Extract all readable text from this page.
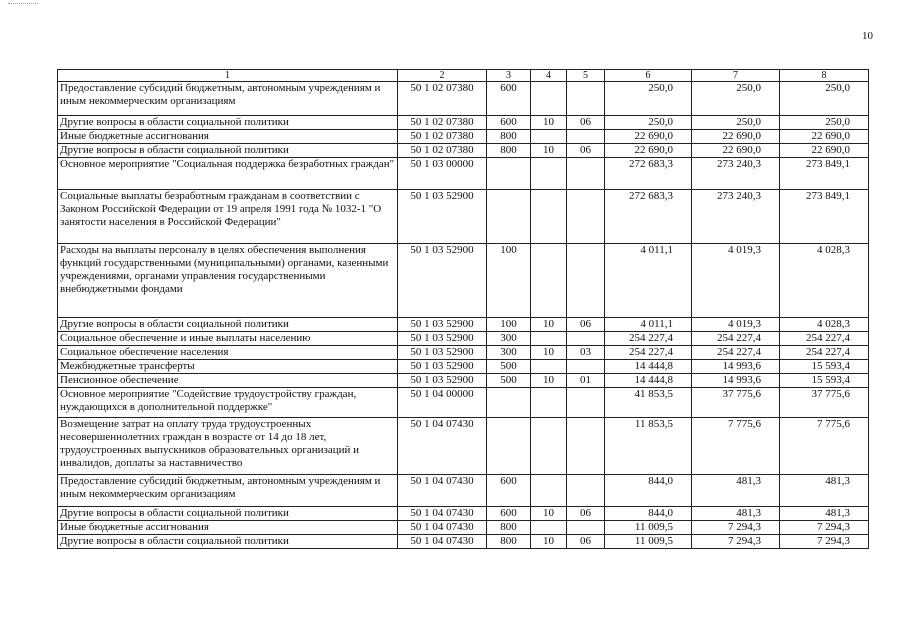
10
1	2	3	4	5	6	7	8
Предоставление субсидий бюджетным, автономным учреждениям и иным некоммерческим организациям	50 1 02 07380	600			250,0	250,0	250,0
Другие вопросы в области социальной политики	50 1 02 07380	600	10	06	250,0	250,0	250,0
Иные бюджетные ассигнования	50 1 02 07380	800			22 690,0	22 690,0	22 690,0
Другие вопросы в области социальной политики	50 1 02 07380	800	10	06	22 690,0	22 690,0	22 690,0
Основное мероприятие "Социальная поддержка безработных граждан"	50 1 03 00000				272 683,3	273 240,3	273 849,1
Социальные выплаты безработным гражданам в соответствии с Законом Российской Федерации от 19 апреля 1991 года № 1032-1 "О занятости населения в Российской Федерации"	50 1 03 52900				272 683,3	273 240,3	273 849,1
Расходы на выплаты персоналу в целях обеспечения выполнения функций государственными (муниципальными) органами, казенными учреждениями, органами управления государственными внебюджетными фондами	50 1 03 52900	100			4 011,1	4 019,3	4 028,3
Другие вопросы в области социальной политики	50 1 03 52900	100	10	06	4 011,1	4 019,3	4 028,3
Социальное обеспечение и иные выплаты населению	50 1 03 52900	300			254 227,4	254 227,4	254 227,4
Социальное обеспечение населения	50 1 03 52900	300	10	03	254 227,4	254 227,4	254 227,4
Межбюджетные трансферты	50 1 03 52900	500			14 444,8	14 993,6	15 593,4
Пенсионное обеспечение	50 1 03 52900	500	10	01	14 444,8	14 993,6	15 593,4
Основное мероприятие "Содействие трудоустройству граждан, нуждающихся в дополнительной поддержке"	50 1 04 00000				41 853,5	37 775,6	37 775,6
Возмещение затрат на оплату труда трудоустроенных несовершеннолетних граждан в возрасте от 14 до 18 лет, трудоустроенных выпускников образовательных организаций и инвалидов, доплаты за наставничество	50 1 04 07430				11 853,5	7 775,6	7 775,6
Предоставление субсидий бюджетным, автономным учреждениям и иным некоммерческим организациям	50 1 04 07430	600			844,0	481,3	481,3
Другие вопросы в области социальной политики	50 1 04 07430	600	10	06	844,0	481,3	481,3
Иные бюджетные ассигнования	50 1 04 07430	800			11 009,5	7 294,3	7 294,3
Другие вопросы в области социальной политики	50 1 04 07430	800	10	06	11 009,5	7 294,3	7 294,3
